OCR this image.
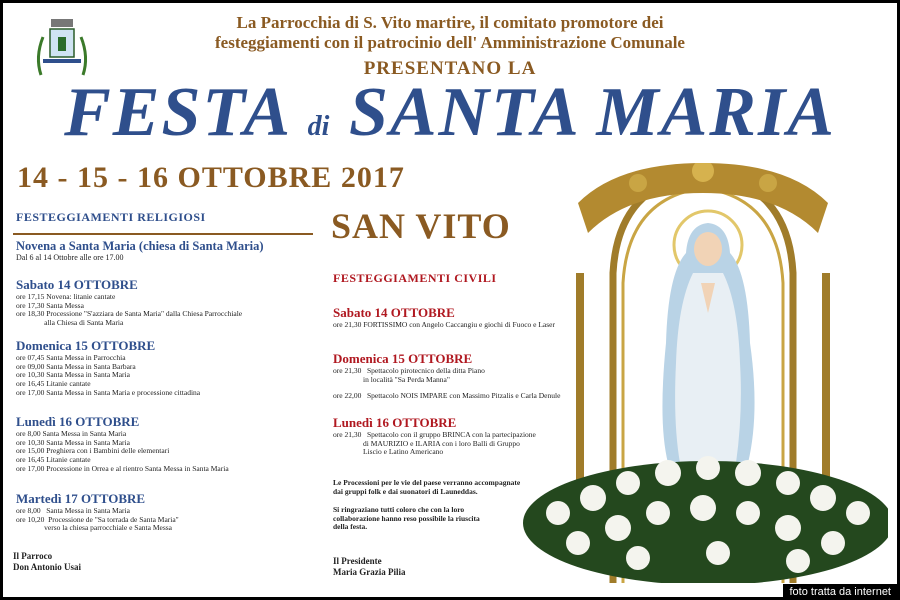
La Parrocchia di S. Vito martire, il comitato promotore dei
festeggiamenti con il patrocinio dell' Amministrazione Comunale
PRESENTANO LA
FESTA di SANTA MARIA
14 - 15 - 16 OTTOBRE 2017
SAN VITO
FESTEGGIAMENTI RELIGIOSI
Novena a Santa Maria (chiesa di Santa Maria)
Dal 6 al 14 Ottobre alle ore 17.00
Sabato 14 OTTOBRE
ore 17,15 Novena: litanie cantate
ore 17,30 Santa Messa
ore 18,30 Processione "S'azziara de Santa Maria" dalla Chiesa Parrocchiale
alla Chiesa di Santa Maria
Domenica 15 OTTOBRE
ore 07,45 Santa Messa in Parrocchia
ore 09,00 Santa Messa in Santa Barbara
ore 10,30 Santa Messa in Santa Maria
ore 16,45 Litanie cantate
ore 17,00 Santa Messa in Santa Maria e processione cittadina
Lunedì 16 OTTOBRE
ore 8,00 Santa Messa in Santa Maria
ore 10,30 Santa Messa in Santa Maria
ore 15,00 Preghiera con i Bambini delle elementari
ore 16,45 Litanie cantate
ore 17,00 Processione in Orrea e al rientro Santa Messa in Santa Maria
Martedì 17 OTTOBRE
ore 8,00   Santa Messa in Santa Maria
ore 10,20  Processione de "Sa torrada de Santa Maria"
verso la chiesa parrocchiale e Santa Messa
Il Parroco
Don Antonio Usai
FESTEGGIAMENTI CIVILI
Sabato 14 OTTOBRE
ore 21,30 FORTISSIMO con Angelo Caccangiu e giochi di Fuoco e Laser
Domenica 15 OTTOBRE
ore 21,30   Spettacolo pirotecnico della ditta Piano
in località "Sa Perda Manna"
ore 22,00   Spettacolo NOIS IMPARE con Massimo Pitzalis e Carla Denule
Lunedì 16 OTTOBRE
ore 21,30   Spettacolo con il gruppo BRINCA con la partecipazione
di MAURIZIO e ILARIA con i loro Balli di Gruppo
Liscio e Latino Americano
Le Processioni per le vie del paese verranno accompagnate
dai gruppi folk e dai suonatori di Launeddas.
Si ringraziano tutti coloro che con la loro
collaborazione hanno reso possibile la riuscita
della festa.
Il Presidente
Maria Grazia Pilia
foto tratta da internet
